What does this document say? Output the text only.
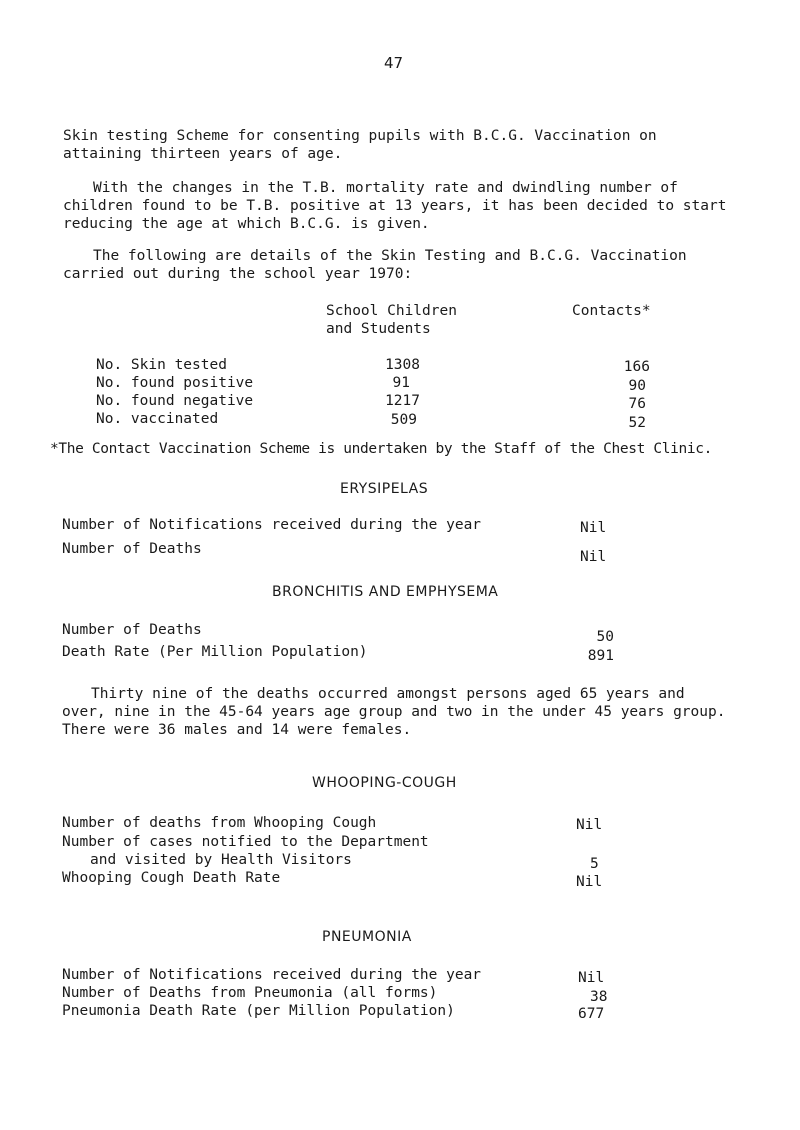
47
Skin testing Scheme for consenting pupils with B.C.G. Vaccination on
attaining thirteen years of age.
With the changes in the T.B. mortality rate and dwindling number of
children found to be T.B. positive at 13 years, it has been decided to start
reducing the age at which B.C.G. is given.
The following are details of the Skin Testing and B.C.G. Vaccination
carried out during the school year 1970:
School Children
and Students
Contacts*
No. Skin tested	1308	166
No. found positive	91	90
No. found negative	1217	76
No. vaccinated	509	52
*The Contact Vaccination Scheme is undertaken by the Staff of the Chest Clinic.
ERYSIPELAS
Number of Notifications received during the year	Nil
Number of Deaths	Nil
BRONCHITIS AND EMPHYSEMA
Number of Deaths	50
Death Rate (Per Million Population)	891
Thirty nine of the deaths occurred amongst persons aged 65 years and
over, nine in the 45-64 years age group and two in the under 45 years group.
There were 36 males and 14 were females.
WHOOPING-COUGH
Number of deaths from Whooping Cough	Nil
Number of cases notified to the Department
and visited by Health Visitors	5
Whooping Cough Death Rate	Nil
PNEUMONIA
Number of Notifications received during the year	Nil
Number of Deaths from Pneumonia (all forms)	38
Pneumonia Death Rate (per Million Population)	677
